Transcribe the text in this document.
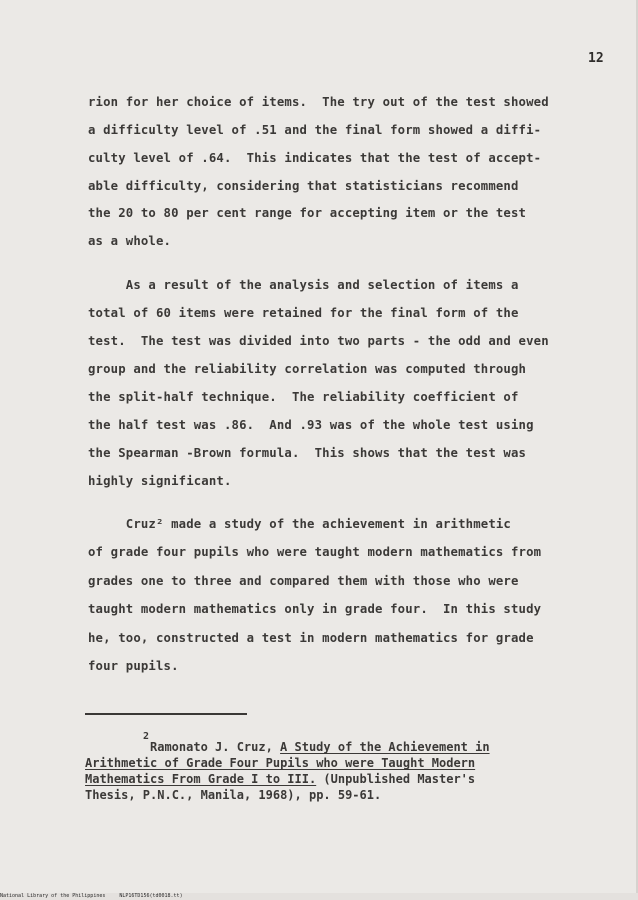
12
rion for her choice of items.  The try out of the test showed
a difficulty level of .51 and the final form showed a diffi-
culty level of .64.  This indicates that the test of accept-
able difficulty, considering that statisticians recommend
the 20 to 80 per cent range for accepting item or the test
as a whole.
As a result of the analysis and selection of items a
total of 60 items were retained for the final form of the
test.  The test was divided into two parts - the odd and even
group and the reliability correlation was computed through
the split-half technique.  The reliability coefficient of
the half test was .86.  And .93 was of the whole test using
the Spearman -Brown formula.  This shows that the test was
highly significant.
Cruz² made a study of the achievement in arithmetic
of grade four pupils who were taught modern mathematics from
grades one to three and compared them with those who were
taught modern mathematics only in grade four.  In this study
he, too, constructed a test in modern mathematics for grade
four pupils.
2
Ramonato J. Cruz, A Study of the Achievement in
Arithmetic of Grade Four Pupils who were Taught Modern
Mathematics From Grade I to III. (Unpublished Master's
Thesis, P.N.C., Manila, 1968), pp. 59-61.
National Library of the Philippines	NLP16TD156(td0018.tt)
